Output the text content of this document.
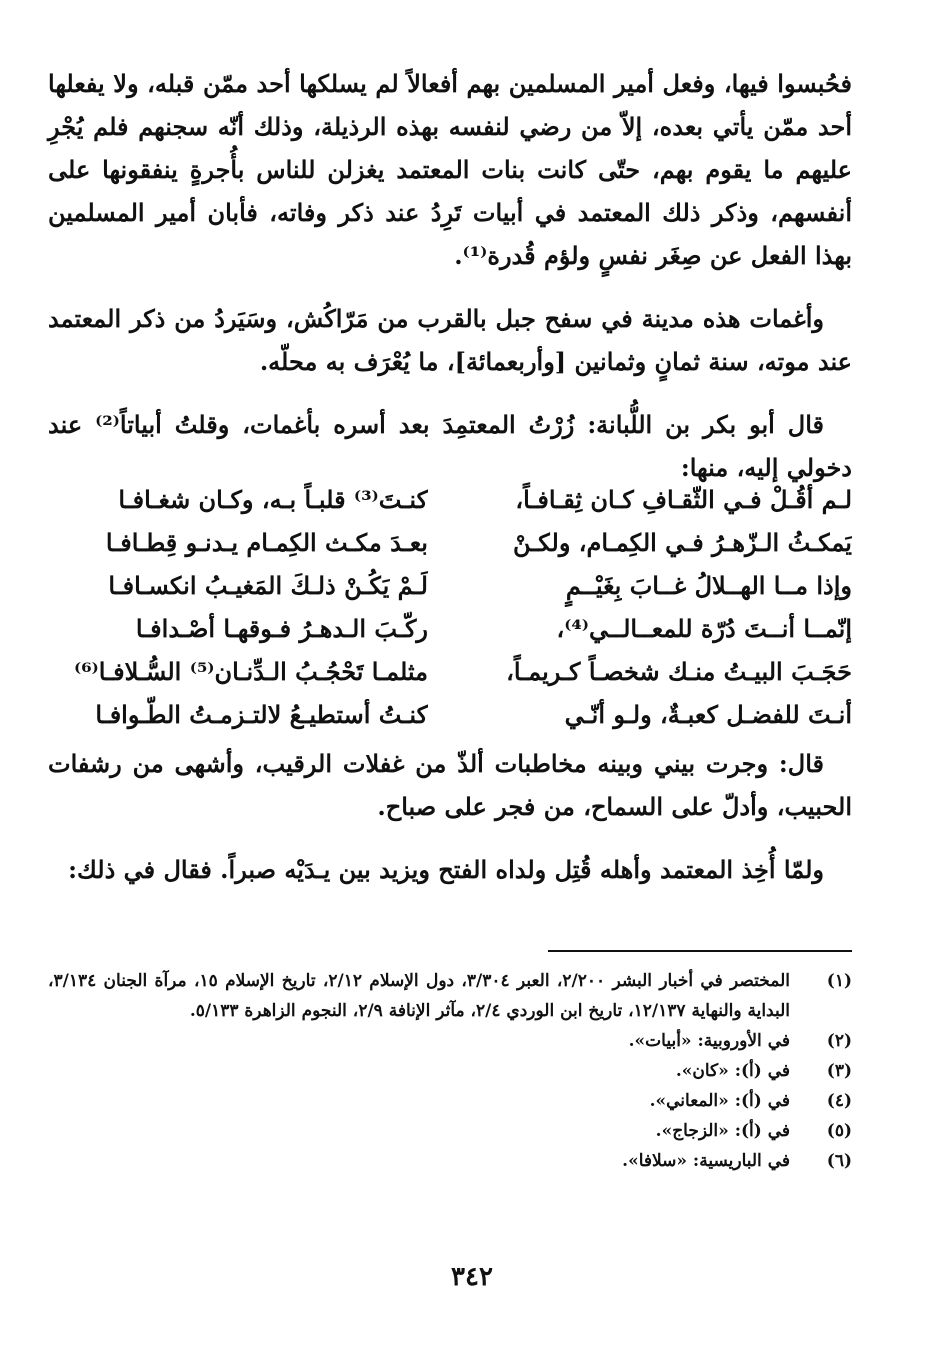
فحُبسوا فيها، وفعل أمير المسلمين بهم أفعالاً لم يسلكها أحد ممّن قبله، ولا يفعلها أحد ممّن يأتي بعده، إلاّ من رضي لنفسه بهذه الرذيلة، وذلك أنّه سجنهم فلم يُجْرِ عليهم ما يقوم بهم، حتّى كانت بنات المعتمد يغزلن للناس بأُجرةٍ ينفقونها على أنفسهم، وذكر ذلك المعتمد في أبيات تَرِدُ عند ذكر وفاته، فأبان أمير المسلمين بهذا الفعل عن صِغَر نفسٍ ولؤم قُدرة⁽¹⁾.

وأغمات هذه مدينة في سفح جبل بالقرب من مَرّاكُش، وسَيَردُ من ذكر المعتمد عند موته، سنة ثمانٍ وثمانين [وأربعمائة]، ما يُعْرَف به محلّه.

قال أبو بكر بن اللُّبانة: زُرْتُ المعتمِدَ بعد أسره بأغمات، وقلتُ أبياتاً⁽²⁾ عند دخولي إليه، منها:

لـم أقُـلْ فـي الثّقـافِ كـان ثِقـافـاً،
كنـتَ⁽³⁾ قلبـاً بـه، وكـان شغـافـا
يَمكـثُ الـزّهـرُ فـي الكِمـام، ولكـنْ
بعـدَ مكـث الكِمـام يـدنـو قِطـافـا
وإذا مــا الهــلالُ غــابَ بِغَيْــمٍ
لَـمْ يَكُـنْ ذلـكَ المَغيـبُ انكسـافـا
إنّمــا أنــتَ دُرّة للمعــالــي⁽⁴⁾،
ركّـبَ الـدهـرُ فـوقهـا أصْـدافـا
حَجَـبَ البيـتُ منـك شخصـاً كـريمـاً،
مثلمـا تَحْجُـبُ الـدِّنـان⁽⁵⁾ السُّـلافـا⁽⁶⁾
أنـتَ للفضـل كعبـةٌ، ولـو أنّـي
كنـتُ أستطيـعُ لالتـزمـتُ الطّـوافـا

قال: وجرت بيني وبينه مخاطبات ألذّ من غفلات الرقيب، وأشهى من رشفات الحبيب، وأدلّ على السماح، من فجر على صباح.

ولمّا أُخِذ المعتمد وأهله قُتِل ولداه الفتح ويزيد بين يـدَيْه صبراً. فقال في ذلك:

(١)
المختصر في أخبار البشر ٢/٢٠٠، العبر ٣/٣٠٤، دول الإسلام ٢/١٢، تاريخ الإسلام ١٥، مرآة الجنان ٣/١٣٤، البداية والنهاية ١٢/١٣٧، تاريخ ابن الوردي ٢/٤، مآثر الإنافة ٢/٩، النجوم الزاهرة ٥/١٣٣.
(٢)
في الأوروبية: «أبيات».
(٣)
في (أ): «كان».
(٤)
في (أ): «المعاني».
(٥)
في (أ): «الزجاج».
(٦)
في الباريسية: «سلافا».
٣٤٢
